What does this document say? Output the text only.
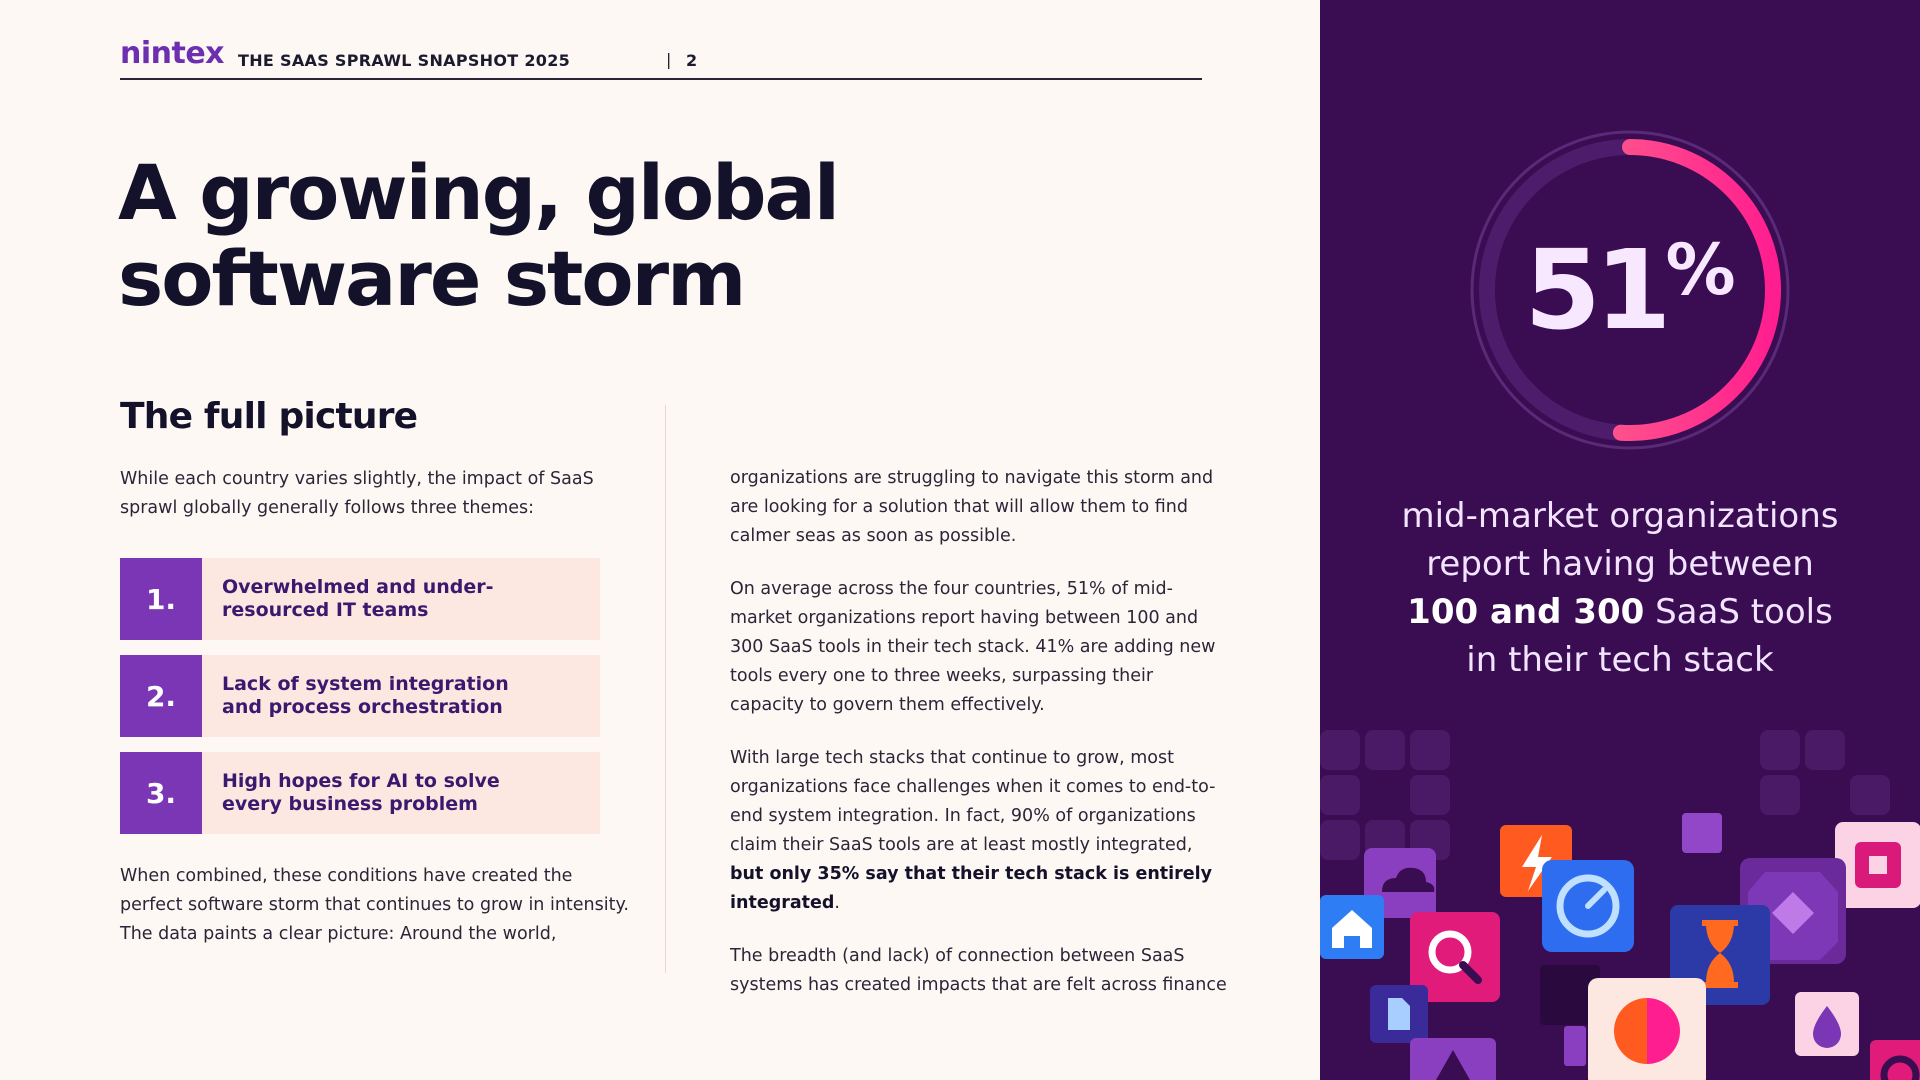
nintex THE SAAS SPRAWL SNAPSHOT 2025	| 2
A growing, global
software storm
The full picture

While each country varies slightly, the impact of SaaS sprawl globally generally follows three themes:

1.	Overwhelmed and under-resourced IT teams
2.	Lack of system integration and process orchestration
3.	High hopes for AI to solve every business problem

When combined, these conditions have created the perfect software storm that continues to grow in intensity. The data paints a clear picture: Around the world,

organizations are struggling to navigate this storm and are looking for a solution that will allow them to find calmer seas as soon as possible.

On average across the four countries, 51% of mid-market organizations report having between 100 and 300 SaaS tools in their tech stack. 41% are adding new tools every one to three weeks, surpassing their capacity to govern them effectively.

With large tech stacks that continue to grow, most organizations face challenges when it comes to end-to-end system integration. In fact, 90% of organizations claim their SaaS tools are at least mostly integrated, but only 35% say that their tech stack is entirely integrated.

The breadth (and lack) of connection between SaaS systems has created impacts that are felt across finance

51 %
mid-market organizations
report having between
100 and 300 SaaS tools
in their tech stack
